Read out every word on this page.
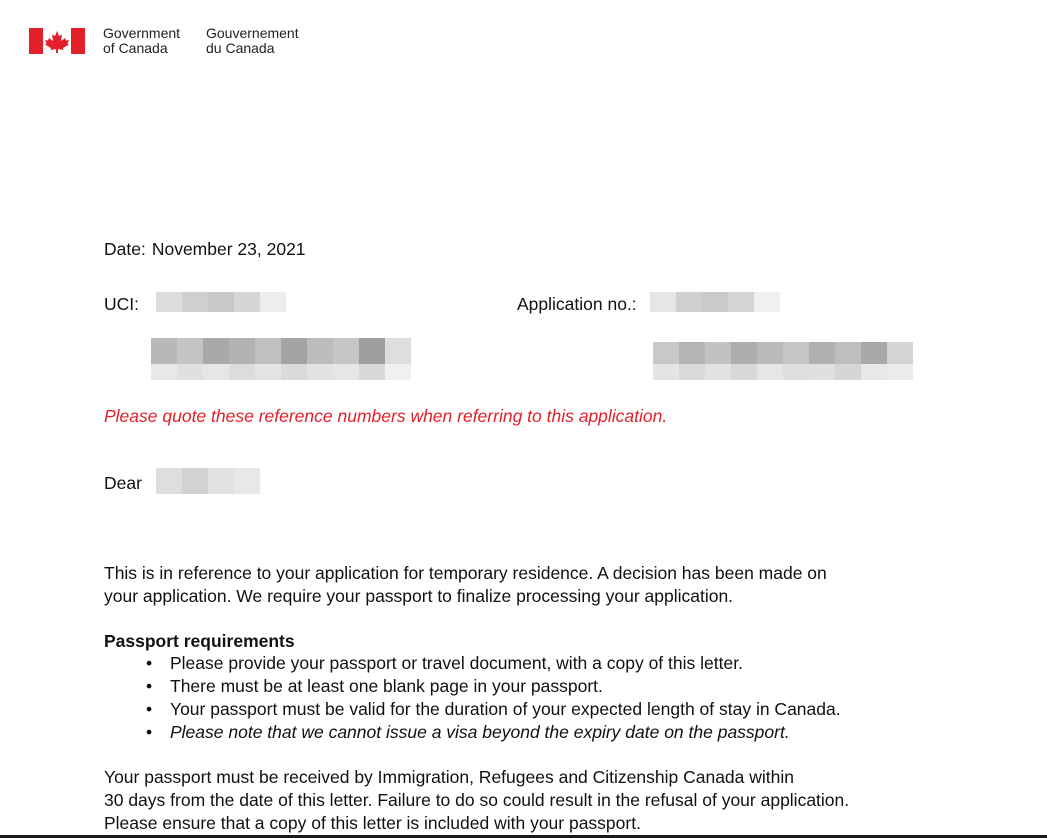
Government
of Canada
Gouvernement
du Canada
Date: November 23, 2021
UCI:	Application no.:
Please quote these reference numbers when referring to this application.
Dear
This is in reference to your application for temporary residence. A decision has been made on
your application. We require your passport to finalize processing your application.
Passport requirements
• Please provide your passport or travel document, with a copy of this letter.
• There must be at least one blank page in your passport.
• Your passport must be valid for the duration of your expected length of stay in Canada.
• Please note that we cannot issue a visa beyond the expiry date on the passport.
Your passport must be received by Immigration, Refugees and Citizenship Canada within
30 days from the date of this letter. Failure to do so could result in the refusal of your application.
Please ensure that a copy of this letter is included with your passport.
